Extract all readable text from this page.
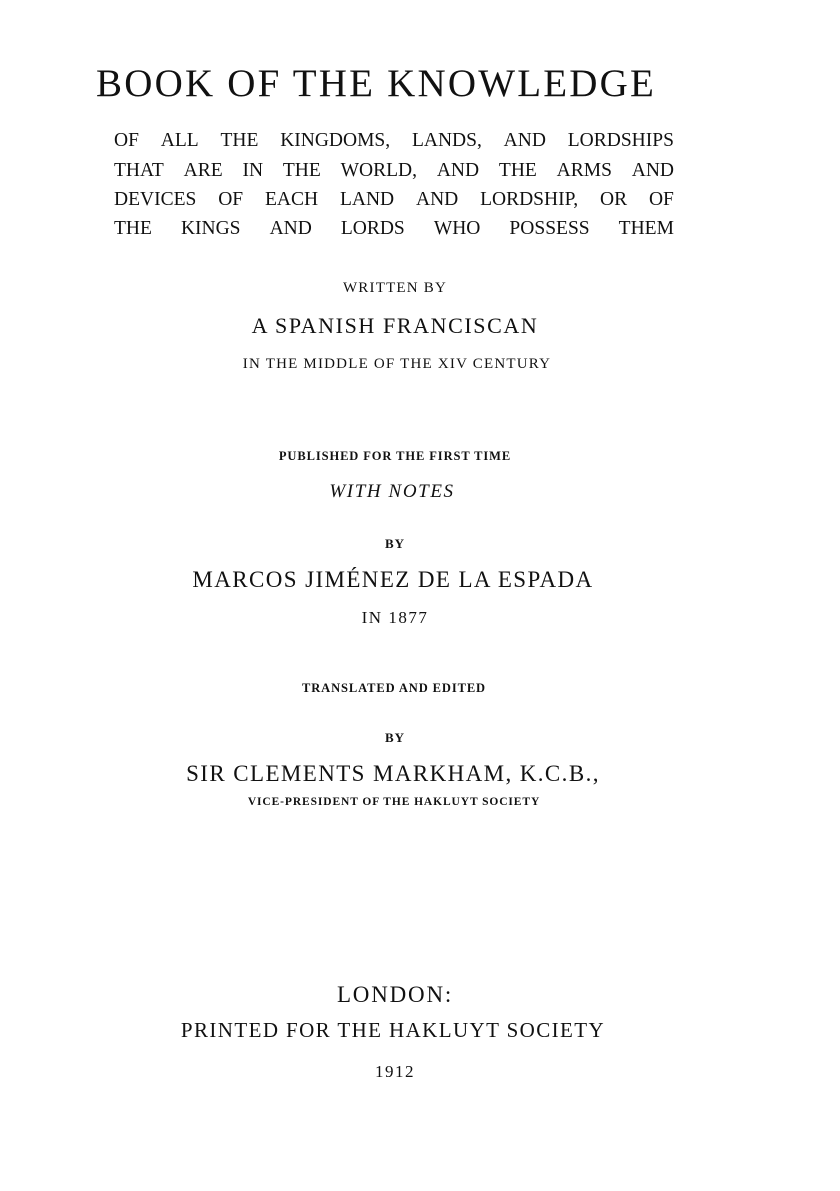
BOOK OF THE KNOWLEDGE
OF ALL THE KINGDOMS, LANDS, AND LORDSHIPS
THAT ARE IN THE WORLD, AND THE ARMS AND
DEVICES OF EACH LAND AND LORDSHIP, OR OF
THE KINGS AND LORDS WHO POSSESS THEM
WRITTEN BY
A SPANISH FRANCISCAN
IN THE MIDDLE OF THE XIV CENTURY
PUBLISHED FOR THE FIRST TIME
WITH NOTES
BY
MARCOS JIMÉNEZ DE LA ESPADA
IN 1877
TRANSLATED AND EDITED
BY
SIR CLEMENTS MARKHAM, K.C.B.,
VICE-PRESIDENT OF THE HAKLUYT SOCIETY
LONDON:
PRINTED FOR THE HAKLUYT SOCIETY
1912
